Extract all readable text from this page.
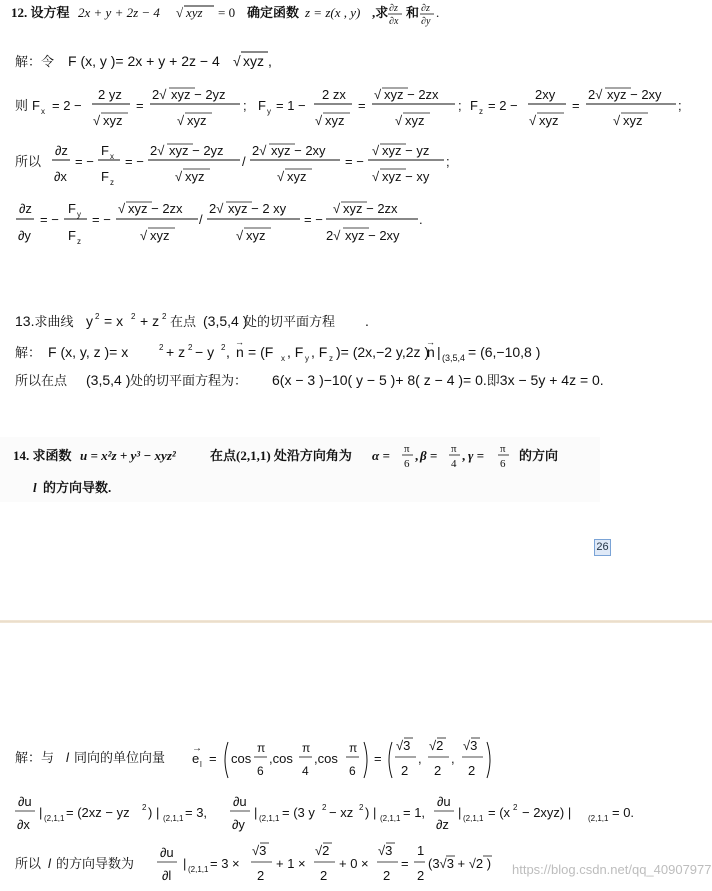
12. 设方程 2x + y + 2z − 4 √ xyz = 0 确定函数 z = z(x , y) ,求 ∂z
∂x
和 ∂z
∂y
.
解：令 F (x, y )= 2x + y + 2z − 4 √ xyz ,
则 F x = 2 −
2 yz
√ xyz
=
2√ xyz − 2yz
√ xyz
; F y = 1 −
2 zx
√ xyz
=
√ xyz − 2zx
√ xyz
; F z = 2 −
2xy
√ xyz
=
2√ xyz − 2xy
√ xyz
;
所以
∂z
∂x
= −
F x
F z
= −
2√ xyz − 2yz
√ xyz
/
2√ xyz − 2xy
√ xyz
= −
√ xyz − yz
√ xyz − xy
;
∂z
∂y
= −
F y
F z
= −
√ xyz − 2zx
√ xyz
/
2√ xyz − 2 xy
√ xyz
= −
√ xyz − 2zx
2√ xyz − 2xy
.
13.求曲线 y 2 = x 2 + z 2 在点 (3,5,4 )
处的切平面方程 .
解： F (x, y, z )= x	2 + z 2 − y 2 , n
→
= (F x , F y , F z )= (2x,−2 y,2z )
n
→
| (3,5,4 = (6,−10,8 )
所以在点 (3,5,4 ) 处的切平面方程为： 6(x − 3 )−10( y − 5 )+ 8( z − 4 )= 0.即3x − 5y + 4z = 0.
14. 求函数 u = x²z + y³ − xyz²	在点(2,1,1) 处沿方向角为 α = π
6
, β = π
4
, γ = π
6
的方向
l 的方向导数.
26
解：与 l 同向的单位向量
→
e l = cos
π
6
,cos
π
4
,cos
π
6
=
√3
2
,
√2
2
,
√3
2
∂u
∂x
| (2,1,1 = (2xz − yz 2 ) | (2,1,1 = 3,
∂u
∂y
| (2,1,1 = (3 y 2 − xz 2 ) | (2,1,1 = 1,
∂u
∂z
| (2,1,1 = (x 2 − 2xyz) | (2,1,1 = 0.
所以 l 的方向导数为
∂u
∂l
| (2,1,1 = 3 ×
√3
2
+ 1 ×
√2
2
+ 0 ×
√3
2
=
1
2
(3√3 + √2 ) https://blog.csdn.net/qq_40907977
